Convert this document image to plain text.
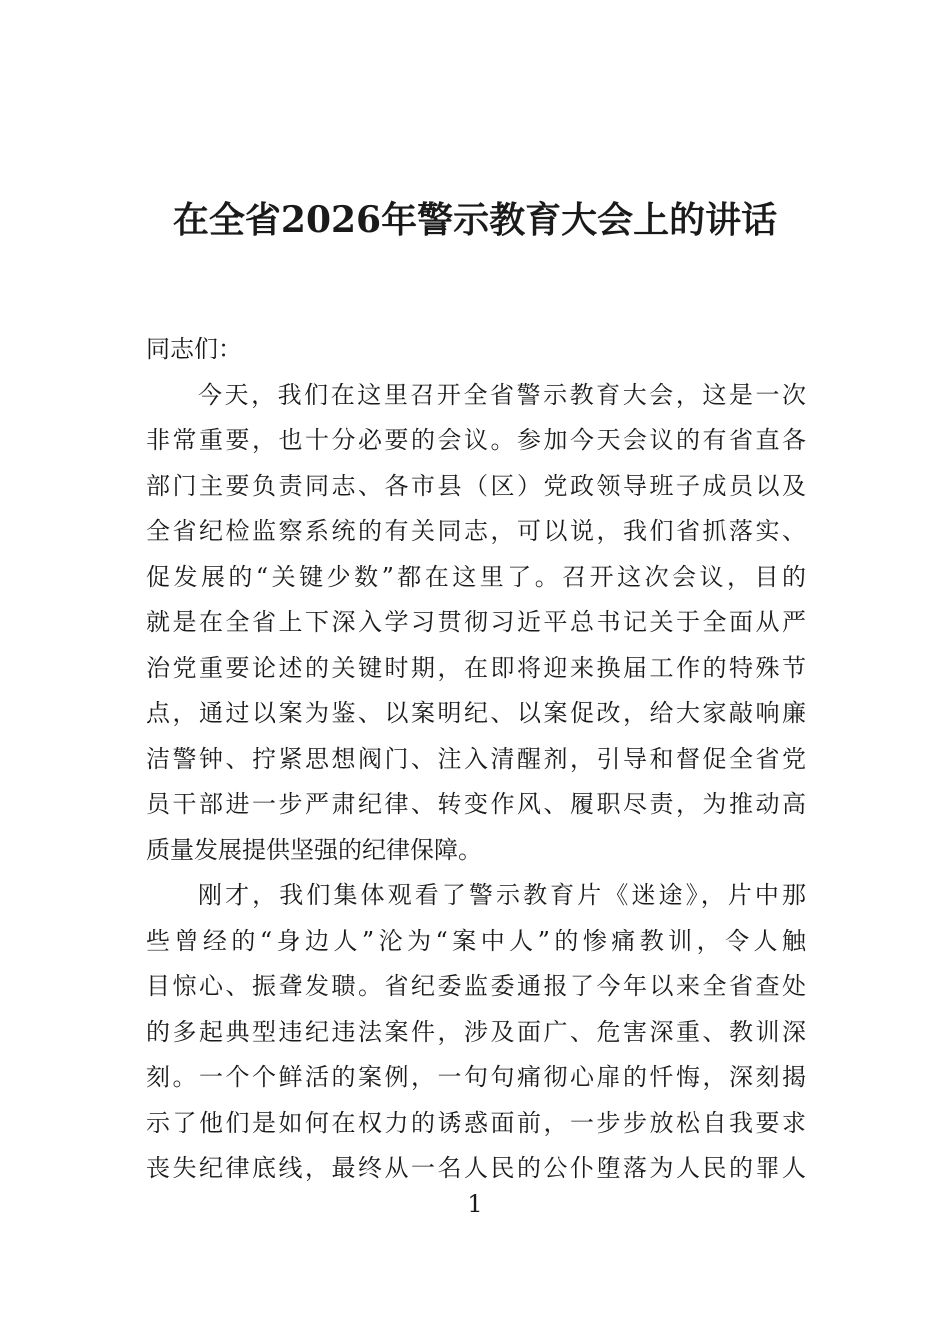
在全省2026年警示教育大会上的讲话
同志们：
今天，我们在这里召开全省警示教育大会，这是一次
非常重要，也十分必要的会议。参加今天会议的有省直各
部门主要负责同志、各市县（区）党政领导班子成员以及
全省纪检监察系统的有关同志，可以说，我们省抓落实、
促发展的“关键少数”都在这里了。召开这次会议，目的
就是在全省上下深入学习贯彻习近平总书记关于全面从严
治党重要论述的关键时期，在即将迎来换届工作的特殊节
点，通过以案为鉴、以案明纪、以案促改，给大家敲响廉
洁警钟、拧紧思想阀门、注入清醒剂，引导和督促全省党
员干部进一步严肃纪律、转变作风、履职尽责，为推动高
质量发展提供坚强的纪律保障。
刚才，我们集体观看了警示教育片《迷途》，片中那
些曾经的“身边人”沦为“案中人”的惨痛教训，令人触
目惊心、振聋发聩。省纪委监委通报了今年以来全省查处
的多起典型违纪违法案件，涉及面广、危害深重、教训深
刻。一个个鲜活的案例，一句句痛彻心扉的忏悔，深刻揭
示了他们是如何在权力的诱惑面前，一步步放松自我要求
丧失纪律底线，最终从一名人民的公仆堕落为人民的罪人
1
